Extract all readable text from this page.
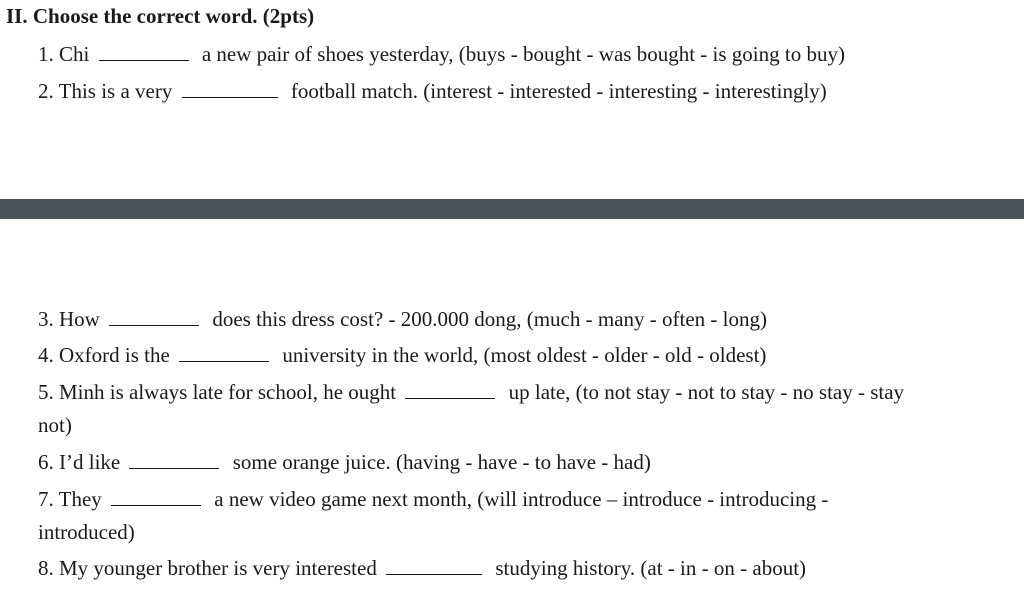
II. Choose the correct word. (2pts)
1. Chi	a new pair of shoes yesterday, (buys - bought - was bought - is going to buy)
2. This is a very	football match. (interest - interested - interesting - interestingly)
3. How	does this dress cost? - 200.000 dong, (much - many - often - long)
4. Oxford is the	university in the world, (most oldest - older - old - oldest)
5. Minh is always late for school, he ought	up late, (to not stay - not to stay - no stay - stay
not)
6. I’d like	some orange juice. (having - have - to have - had)
7. They	a new video game next month, (will introduce – introduce - introducing -
introduced)
8. My younger brother is very interested	studying history. (at - in - on - about)
